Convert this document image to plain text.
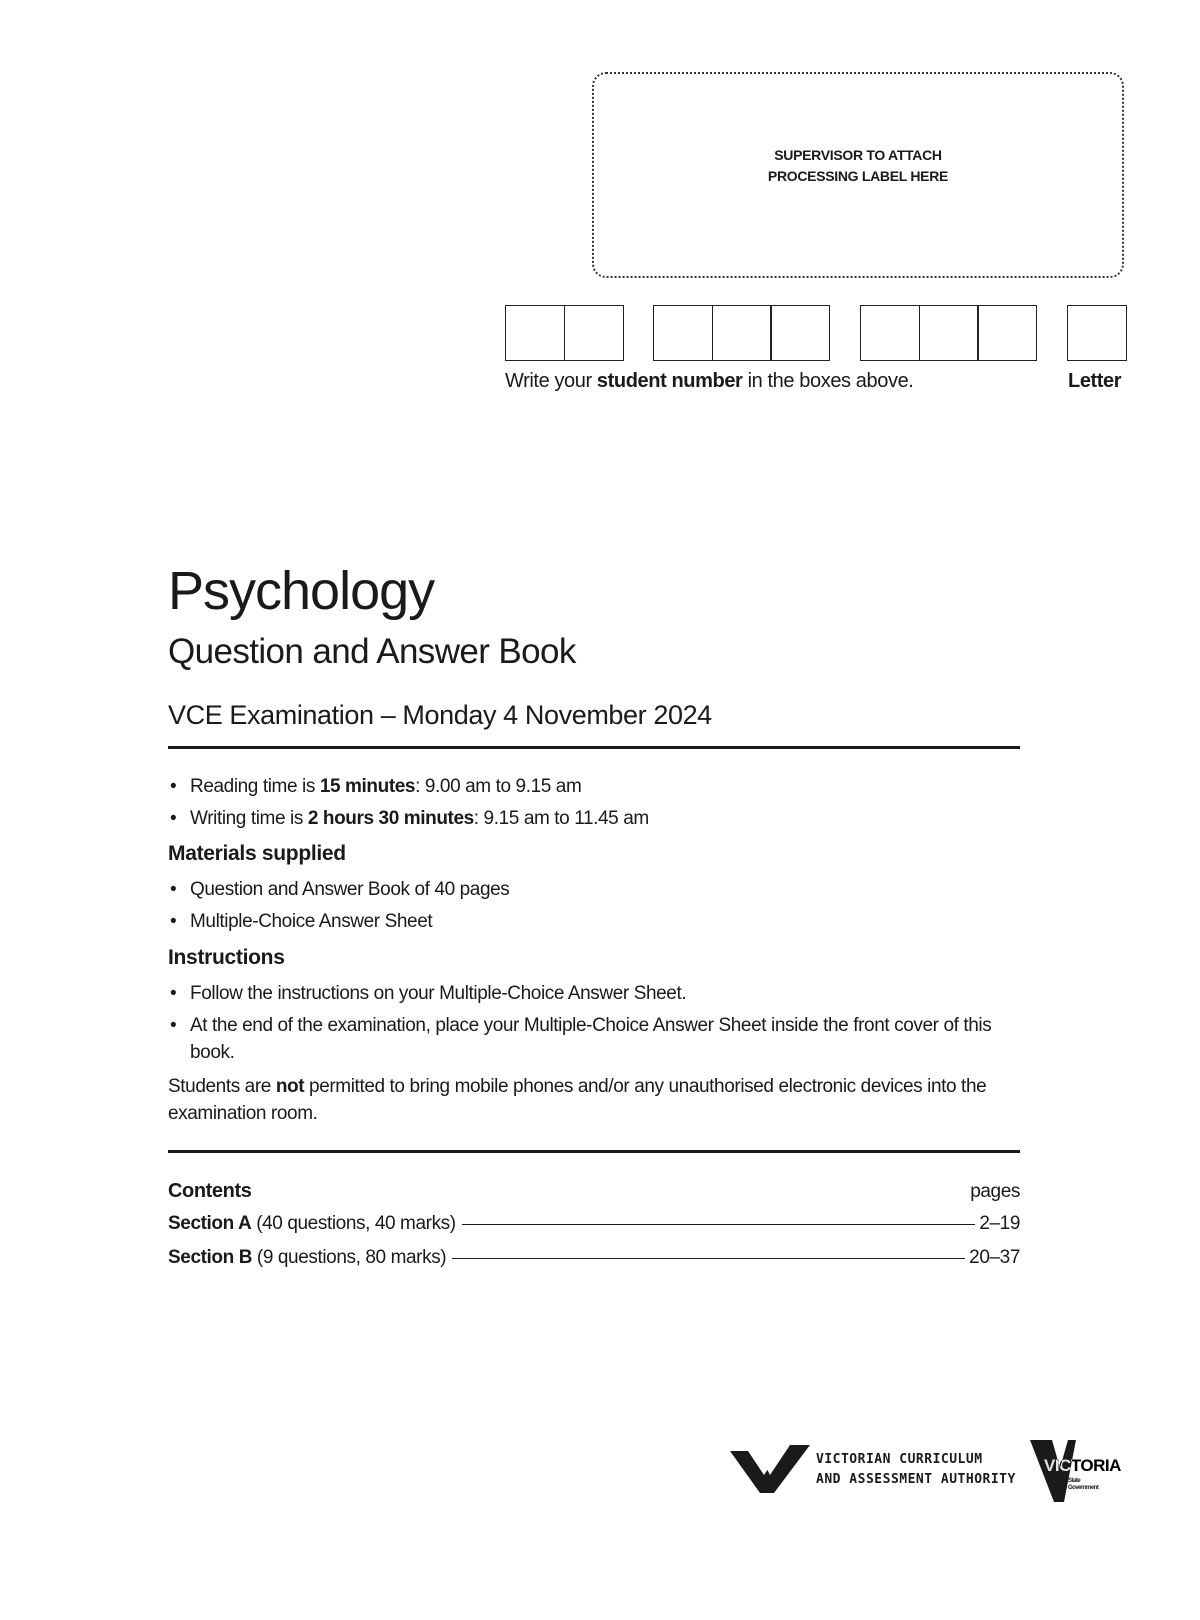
SUPERVISOR TO ATTACH
PROCESSING LABEL HERE
Write your student number in the boxes above.	Letter
Psychology
Question and Answer Book
VCE Examination – Monday 4 November 2024
• Reading time is 15 minutes: 9.00 am to 9.15 am
• Writing time is 2 hours 30 minutes: 9.15 am to 11.45 am
Materials supplied
• Question and Answer Book of 40 pages
• Multiple-Choice Answer Sheet
Instructions
• Follow the instructions on your Multiple-Choice Answer Sheet.
• At the end of the examination, place your Multiple-Choice Answer Sheet inside the front cover of this book.
Students are not permitted to bring mobile phones and/or any unauthorised electronic devices into the examination room.
Contents	pages
Section A (40 questions, 40 marks)	2–19
Section B (9 questions, 80 marks)	20–37
VICTORIAN CURRICULUM
AND ASSESSMENT AUTHORITY
VICTORIA
State
Government
